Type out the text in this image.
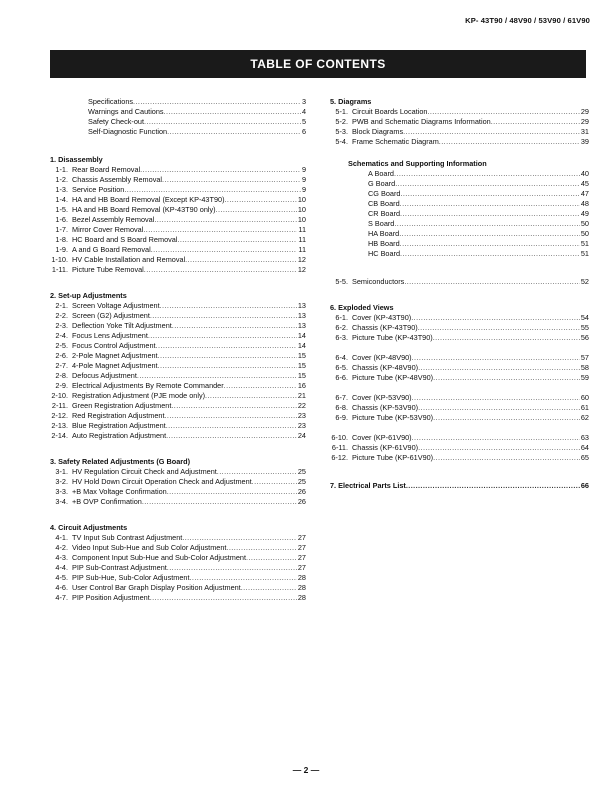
KP- 43T90 / 48V90 / 53V90 / 61V90
TABLE OF CONTENTS
Specifications .....	3
Warnings and Cautions .....	4
Safety Check-out .....	5
Self-Diagnostic Function .....	6
1. Disassembly
1-1. Rear Board Removal .....	9
1-2. Chassis Assembly Removal .....	9
1-3. Service Position .....	9
1-4. HA and HB Board Removal (Except KP-43T90) .....	10
1-5. HA and HB Board Removal (KP-43T90 only) .....	10
1-6. Bezel Assembly Removal .....	10
1-7. Mirror Cover Removal .....	11
1-8. HC Board and S Board Removal .....	11
1-9. A and G Board Removal .....	11
1-10. HV Cable Installation and Removal .....	12
1-11. Picture Tube Removal .....	12
2. Set-up Adjustments
2-1. Screen Voltage Adjustment .....	13
2-2. Screen (G2) Adjustment .....	13
2-3. Deflection Yoke Tilt Adjustment .....	13
2-4. Focus Lens Adjustment .....	14
2-5. Focus Control Adjustment .....	14
2-6. 2-Pole Magnet Adjustment .....	15
2-7. 4-Pole Magnet Adjustment .....	15
2-8. Defocus Adjustment .....	15
2-9. Electrical Adjustments By Remote Commander .....	16
2-10. Registration Adjustment (PJE mode only) .....	21
2-11. Green Registration Adjustment .....	22
2-12. Red Registration Adjustment .....	23
2-13. Blue Registration Adjustment .....	23
2-14. Auto Registration Adjustment .....	24
3. Safety Related Adjustments (G Board)
3-1. HV Regulation Circuit Check and Adjustment .....	25
3-2. HV Hold Down Circuit Operation Check and Adjustment .....	25
3-3. +B Max Voltage Confirmation .....	26
3-4. +B OVP Confirmation .....	26
4. Circuit Adjustments
4-1. TV Input Sub Contrast Adjustment .....	27
4-2. Video Input Sub-Hue and Sub Color Adjustment .....	27
4-3. Component Input Sub-Hue and Sub-Color Adjustment .....	27
4-4. PIP Sub-Contrast Adjustment .....	27
4-5. PIP Sub-Hue, Sub-Color Adjustment .....	28
4-6. User Control Bar Graph Display Position Adjustment .....	28
4-7. PIP Position Adjustment .....	28
5. Diagrams
5-1. Circuit Boards Location .....	29
5-2. PWB and Schematic Diagrams Information .....	29
5-3. Block Diagrams .....	31
5-4. Frame Schematic Diagram .....	39
Schematics and Supporting Information
A Board .....	40
G Board .....	45
CG Board .....	47
CB Board .....	48
CR Board .....	49
S Board .....	50
HA Board .....	50
HB Board .....	51
HC Board .....	51
5-5. Semiconductors .....	52
6. Exploded Views
6-1. Cover (KP-43T90) .....	54
6-2. Chassis (KP-43T90) .....	55
6-3. Picture Tube (KP-43T90) .....	56
6-4. Cover (KP-48V90) .....	57
6-5. Chassis (KP-48V90) .....	58
6-6. Picture Tube (KP-48V90) .....	59
6-7. Cover (KP-53V90) .....	60
6-8. Chassis (KP-53V90) .....	61
6-9. Picture Tube (KP-53V90) .....	62
6-10. Cover (KP-61V90) .....	63
6-11. Chassis (KP-61V90) .....	64
6-12. Picture Tube (KP-61V90) .....	65
7. Electrical Parts List .....	66
— 2 —
